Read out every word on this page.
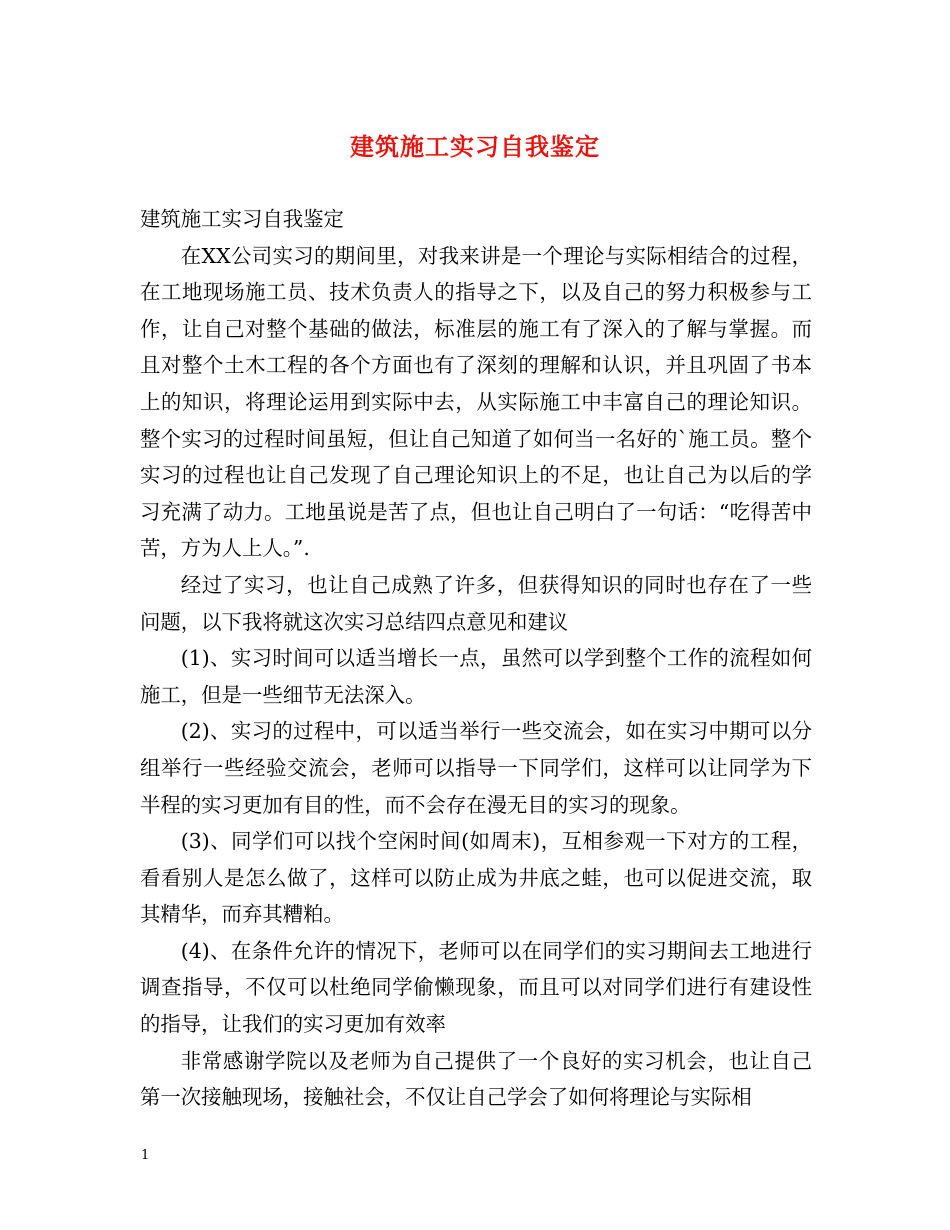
建筑施工实习自我鉴定

建筑施工实习自我鉴定

在XX公司实习的期间里，对我来讲是一个理论与实际相结合的过程，在工地现场施工员、技术负责人的指导之下，以及自己的努力积极参与工作，让自己对整个基础的做法，标准层的施工有了深入的了解与掌握。而且对整个土木工程的各个方面也有了深刻的理解和认识，并且巩固了书本上的知识，将理论运用到实际中去，从实际施工中丰富自己的理论知识。整个实习的过程时间虽短，但让自己知道了如何当一名好的`施工员。整个实习的过程也让自己发现了自己理论知识上的不足，也让自己为以后的学习充满了动力。工地虽说是苦了点，但也让自己明白了一句话：“吃得苦中苦，方为人上人。”.

经过了实习，也让自己成熟了许多，但获得知识的同时也存在了一些问题，以下我将就这次实习总结四点意见和建议

(1)、实习时间可以适当增长一点，虽然可以学到整个工作的流程如何施工，但是一些细节无法深入。

(2)、实习的过程中，可以适当举行一些交流会，如在实习中期可以分组举行一些经验交流会，老师可以指导一下同学们，这样可以让同学为下半程的实习更加有目的性，而不会存在漫无目的实习的现象。

(3)、同学们可以找个空闲时间(如周末)，互相参观一下对方的工程，看看别人是怎么做了，这样可以防止成为井底之蛙，也可以促进交流，取其精华，而弃其糟粕。

(4)、在条件允许的情况下，老师可以在同学们的实习期间去工地进行调查指导，不仅可以杜绝同学偷懒现象，而且可以对同学们进行有建设性的指导，让我们的实习更加有效率

非常感谢学院以及老师为自己提供了一个良好的实习机会，也让自己第一次接触现场，接触社会，不仅让自己学会了如何将理论与实际相

1
